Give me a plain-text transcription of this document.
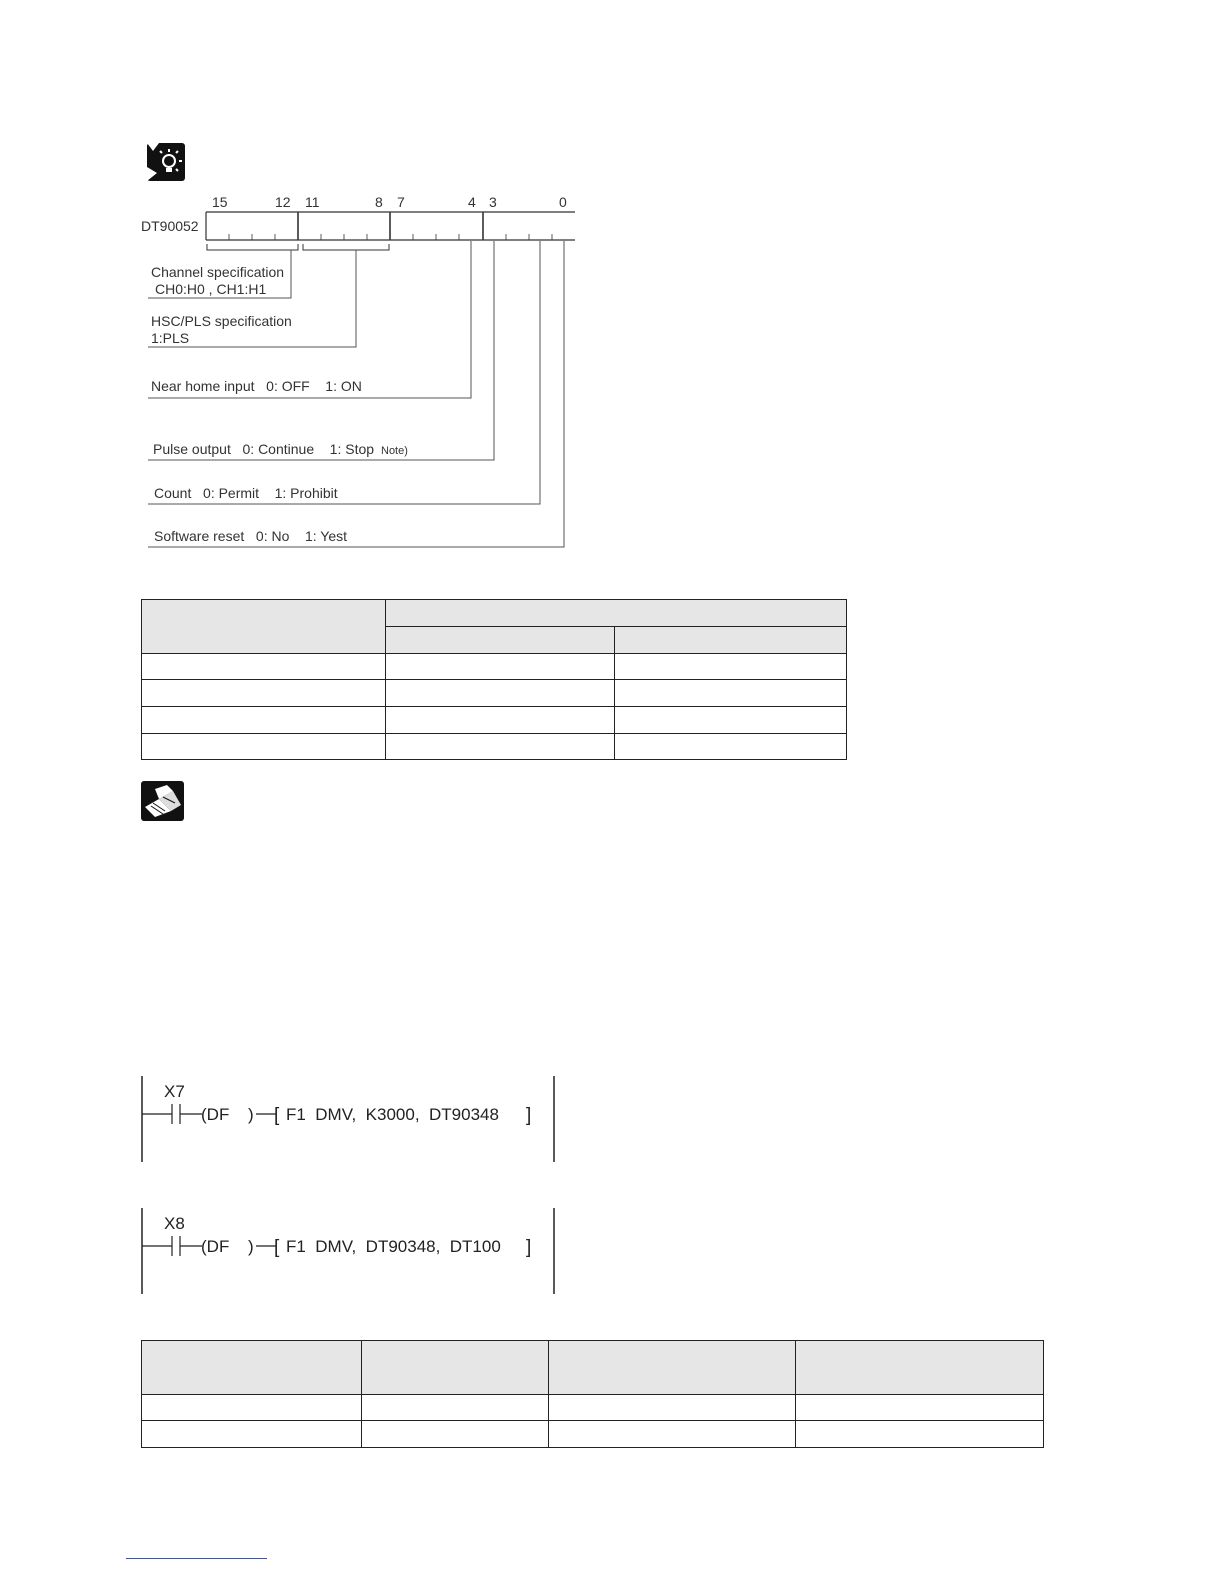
DT90052
15	12 11	8 7	4 3	0
Channel specification
CH0:H0 , CH1:H1
HSC/PLS specification
1:PLS
Near home input   0: OFF    1: ON
Pulse output   0: Continue    1: Stop Note)
Count   0: Permit    1: Prohibit
Software reset   0: No    1: Yest

X7
(DF ) [ F1  DMV,  K3000,  DT90348 ]
X8
(DF ) [ F1  DMV,  DT90348,  DT100 ]
